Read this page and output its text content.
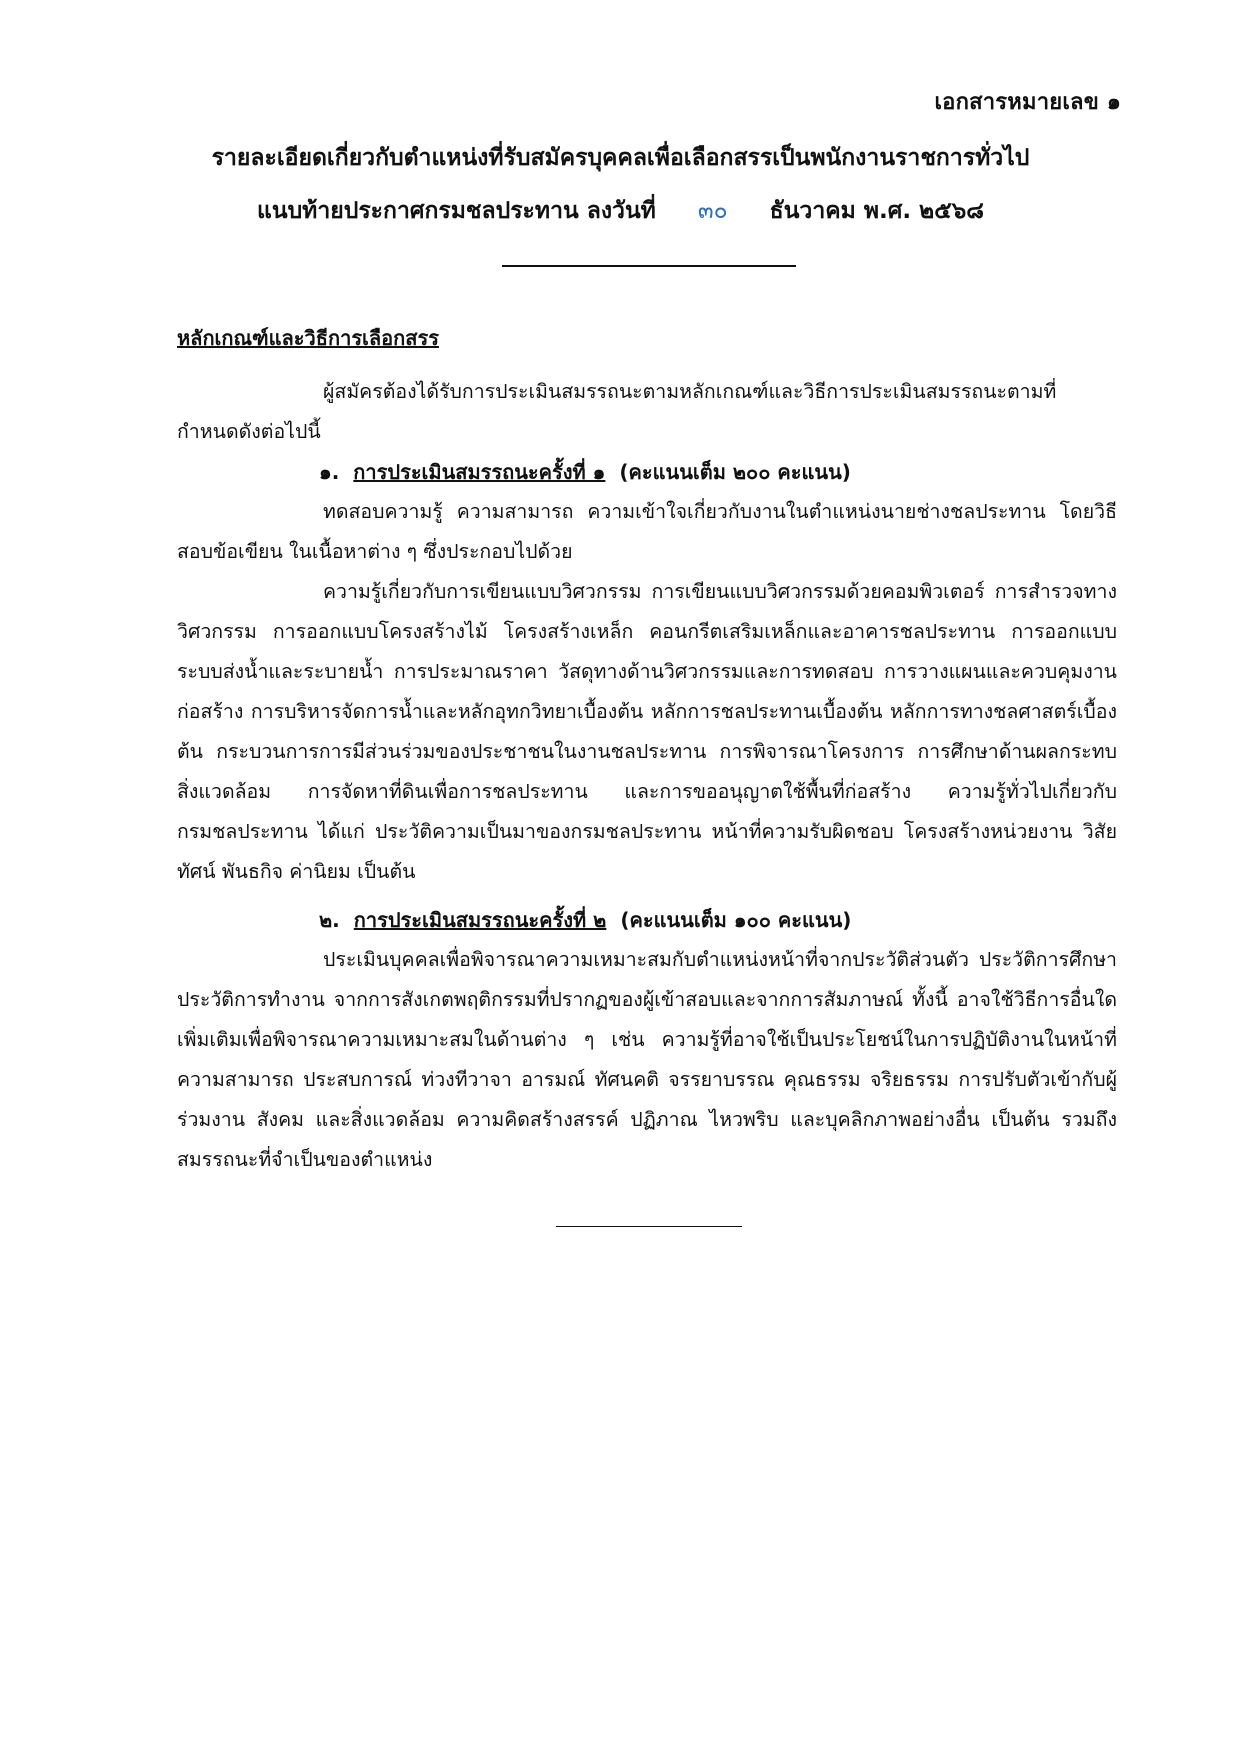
เอกสารหมายเลข ๑
รายละเอียดเกี่ยวกับตำแหน่งที่รับสมัครบุคคลเพื่อเลือกสรรเป็นพนักงานราชการทั่วไป
แนบท้ายประกาศกรมชลประทาน ลงวันที่ ๓๐ ธันวาคม พ.ศ. ๒๕๖๘
หลักเกณฑ์และวิธีการเลือกสรร

ผู้สมัครต้องได้รับการประเมินสมรรถนะตามหลักเกณฑ์และวิธีการประเมินสมรรถนะตามที่กำหนดดังต่อไปนี้

๑. การประเมินสมรรถนะครั้งที่ ๑ (คะแนนเต็ม ๒๐๐ คะแนน)

ทดสอบความรู้ ความสามารถ ความเข้าใจเกี่ยวกับงานในตำแหน่งนายช่างชลประทาน โดยวิธีสอบข้อเขียน ในเนื้อหาต่าง ๆ ซึ่งประกอบไปด้วย

ความรู้เกี่ยวกับการเขียนแบบวิศวกรรม การเขียนแบบวิศวกรรมด้วยคอมพิวเตอร์ การสำรวจทางวิศวกรรม การออกแบบโครงสร้างไม้ โครงสร้างเหล็ก คอนกรีตเสริมเหล็กและอาคารชลประทาน การออกแบบระบบส่งน้ำและระบายน้ำ การประมาณราคา วัสดุทางด้านวิศวกรรมและการทดสอบ การวางแผนและควบคุมงานก่อสร้าง การบริหารจัดการน้ำและหลักอุทกวิทยาเบื้องต้น หลักการชลประทานเบื้องต้น หลักการทางชลศาสตร์เบื้องต้น กระบวนการการมีส่วนร่วมของประชาชนในงานชลประทาน การพิจารณาโครงการ การศึกษาด้านผลกระทบสิ่งแวดล้อม การจัดหาที่ดินเพื่อการชลประทาน และการขออนุญาตใช้พื้นที่ก่อสร้าง ความรู้ทั่วไปเกี่ยวกับกรมชลประทาน ได้แก่ ประวัติความเป็นมาของกรมชลประทาน หน้าที่ความรับผิดชอบ โครงสร้างหน่วยงาน วิสัยทัศน์ พันธกิจ ค่านิยม เป็นต้น

๒. การประเมินสมรรถนะครั้งที่ ๒ (คะแนนเต็ม ๑๐๐ คะแนน)

ประเมินบุคคลเพื่อพิจารณาความเหมาะสมกับตำแหน่งหน้าที่จากประวัติส่วนตัว ประวัติการศึกษา ประวัติการทำงาน จากการสังเกตพฤติกรรมที่ปรากฏของผู้เข้าสอบและจากการสัมภาษณ์ ทั้งนี้ อาจใช้วิธีการอื่นใดเพิ่มเติมเพื่อพิจารณาความเหมาะสมในด้านต่าง ๆ เช่น ความรู้ที่อาจใช้เป็นประโยชน์ในการปฏิบัติงานในหน้าที่ ความสามารถ ประสบการณ์ ท่วงทีวาจา อารมณ์ ทัศนคติ จรรยาบรรณ คุณธรรม จริยธรรม การปรับตัวเข้ากับผู้ร่วมงาน สังคม และสิ่งแวดล้อม ความคิดสร้างสรรค์ ปฏิภาณ ไหวพริบ และบุคลิกภาพอย่างอื่น เป็นต้น รวมถึงสมรรถนะที่จำเป็นของตำแหน่ง
